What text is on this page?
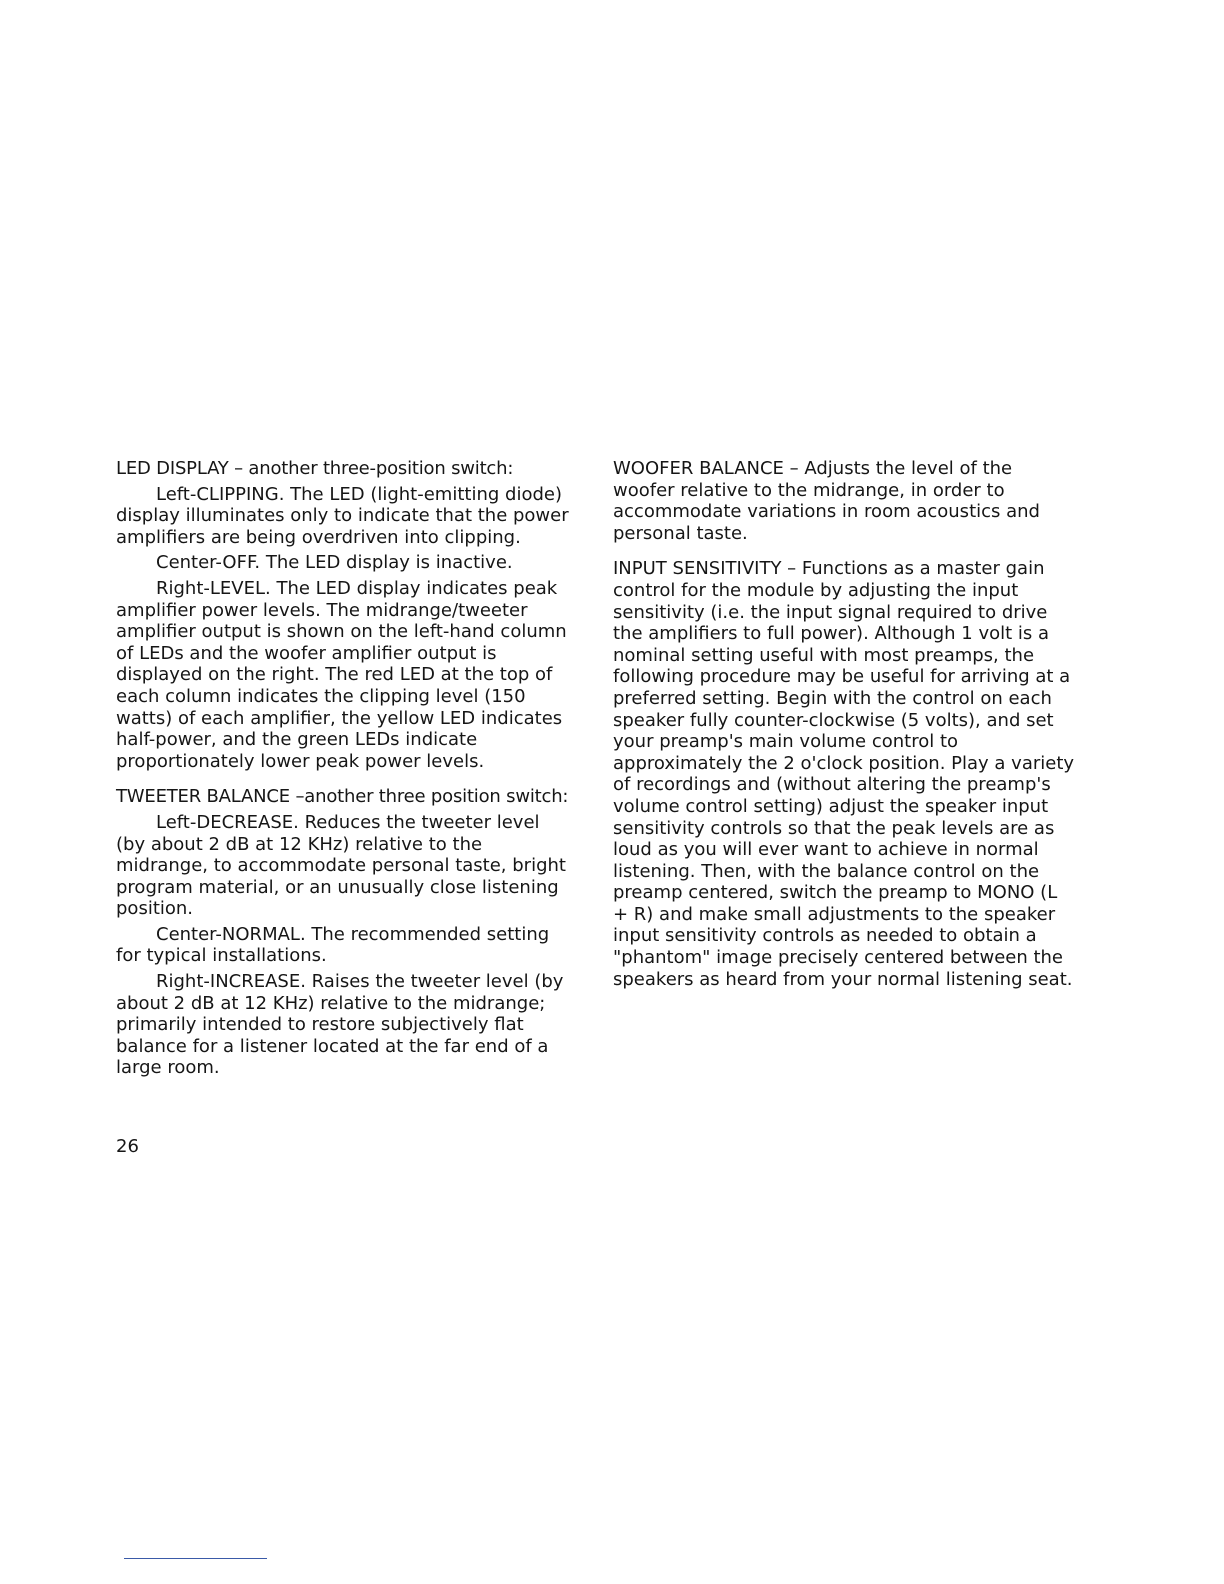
LED DISPLAY – another three-position switch:

Left-CLIPPING. The LED (light-emitting diode) display illuminates only to indicate that the power amplifiers are being overdriven into clipping.

Center-OFF. The LED display is inactive.

Right-LEVEL. The LED display indicates peak amplifier power levels. The midrange/tweeter amplifier output is shown on the left-hand column of LEDs and the woofer amplifier output is displayed on the right. The red LED at the top of each column indicates the clipping level (150 watts) of each amplifier, the yellow LED indicates half-power, and the green LEDs indicate proportionately lower peak power levels.

TWEETER BALANCE –another three position switch:

Left-DECREASE. Reduces the tweeter level (by about 2 dB at 12 KHz) relative to the midrange, to accommodate personal taste, bright program material, or an unusually close listening position.

Center-NORMAL. The recommended setting for typical installations.

Right-INCREASE. Raises the tweeter level (by about 2 dB at 12 KHz) relative to the midrange; primarily intended to restore subjectively flat balance for a listener located at the far end of a large room.

WOOFER BALANCE – Adjusts the level of the woofer relative to the midrange, in order to accommodate variations in room acoustics and personal taste.

INPUT SENSITIVITY – Functions as a master gain control for the module by adjusting the input sensitivity (i.e. the input signal required to drive the amplifiers to full power). Although 1 volt is a nominal setting useful with most preamps, the following procedure may be useful for arriving at a preferred setting. Begin with the control on each speaker fully counter-clockwise (5 volts), and set your preamp's main volume control to approximately the 2 o'clock position. Play a variety of recordings and (without altering the preamp's volume control setting) adjust the speaker input sensitivity controls so that the peak levels are as loud as you will ever want to achieve in normal listening. Then, with the balance control on the preamp centered, switch the preamp to MONO (L + R) and make small adjustments to the speaker input sensitivity controls as needed to obtain a "phantom" image precisely centered between the speakers as heard from your normal listening seat.

26
